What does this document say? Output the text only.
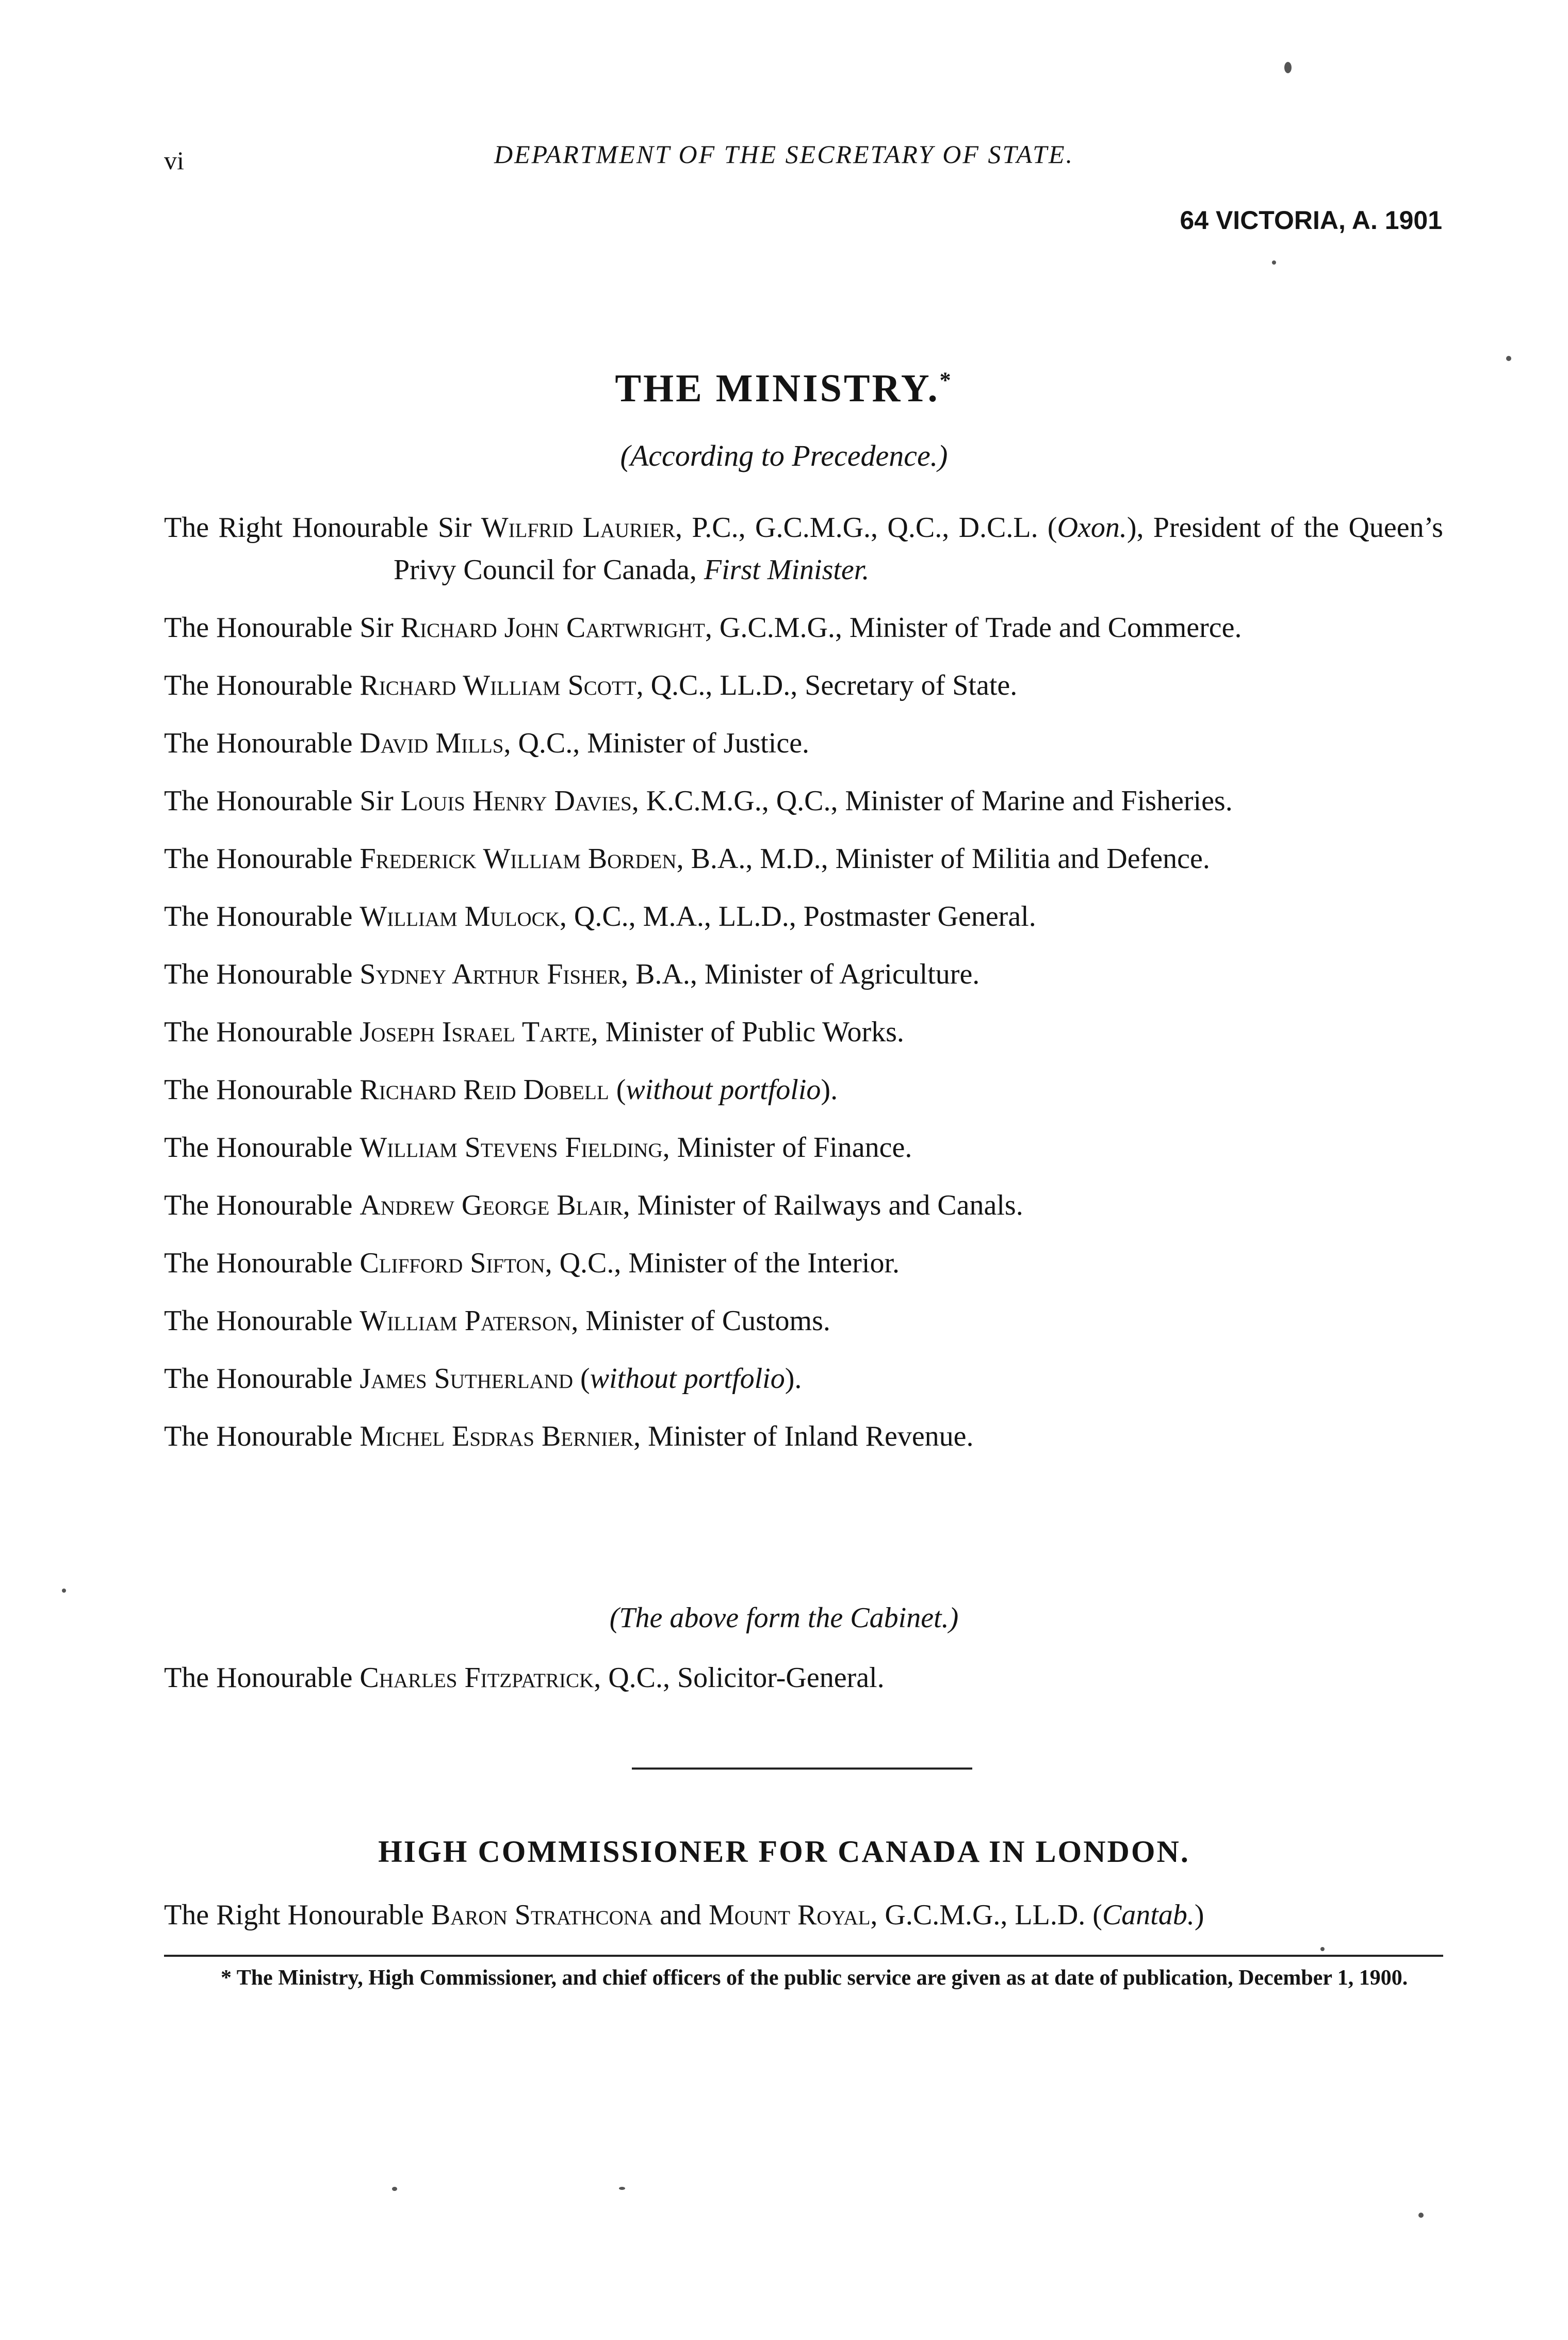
vi	DEPARTMENT OF THE SECRETARY OF STATE.
64 VICTORIA, A. 1901
THE MINISTRY.*
(According to Precedence.)
The Right Honourable Sir Wilfrid Laurier, P.C., G.C.M.G., Q.C., D.C.L. (Oxon.), President of the Queen’s Privy Council for Canada, First Minister.
The Honourable Sir Richard John Cartwright, G.C.M.G., Minister of Trade and Commerce.
The Honourable Richard William Scott, Q.C., LL.D., Secretary of State.
The Honourable David Mills, Q.C., Minister of Justice.
The Honourable Sir Louis Henry Davies, K.C.M.G., Q.C., Minister of Marine and Fisheries.
The Honourable Frederick William Borden, B.A., M.D., Minister of Militia and Defence.
The Honourable William Mulock, Q.C., M.A., LL.D., Postmaster General.
The Honourable Sydney Arthur Fisher, B.A., Minister of Agriculture.
The Honourable Joseph Israel Tarte, Minister of Public Works.
The Honourable Richard Reid Dobell (without portfolio).
The Honourable William Stevens Fielding, Minister of Finance.
The Honourable Andrew George Blair, Minister of Railways and Canals.
The Honourable Clifford Sifton, Q.C., Minister of the Interior.
The Honourable William Paterson, Minister of Customs.
The Honourable James Sutherland (without portfolio).
The Honourable Michel Esdras Bernier, Minister of Inland Revenue.
(The above form the Cabinet.)
The Honourable Charles Fitzpatrick, Q.C., Solicitor-General.
HIGH COMMISSIONER FOR CANADA IN LONDON.
The Right Honourable Baron Strathcona and Mount Royal, G.C.M.G., LL.D. (Cantab.)
* The Ministry, High Commissioner, and chief officers of the public service are given as at date of publication, December 1, 1900.
